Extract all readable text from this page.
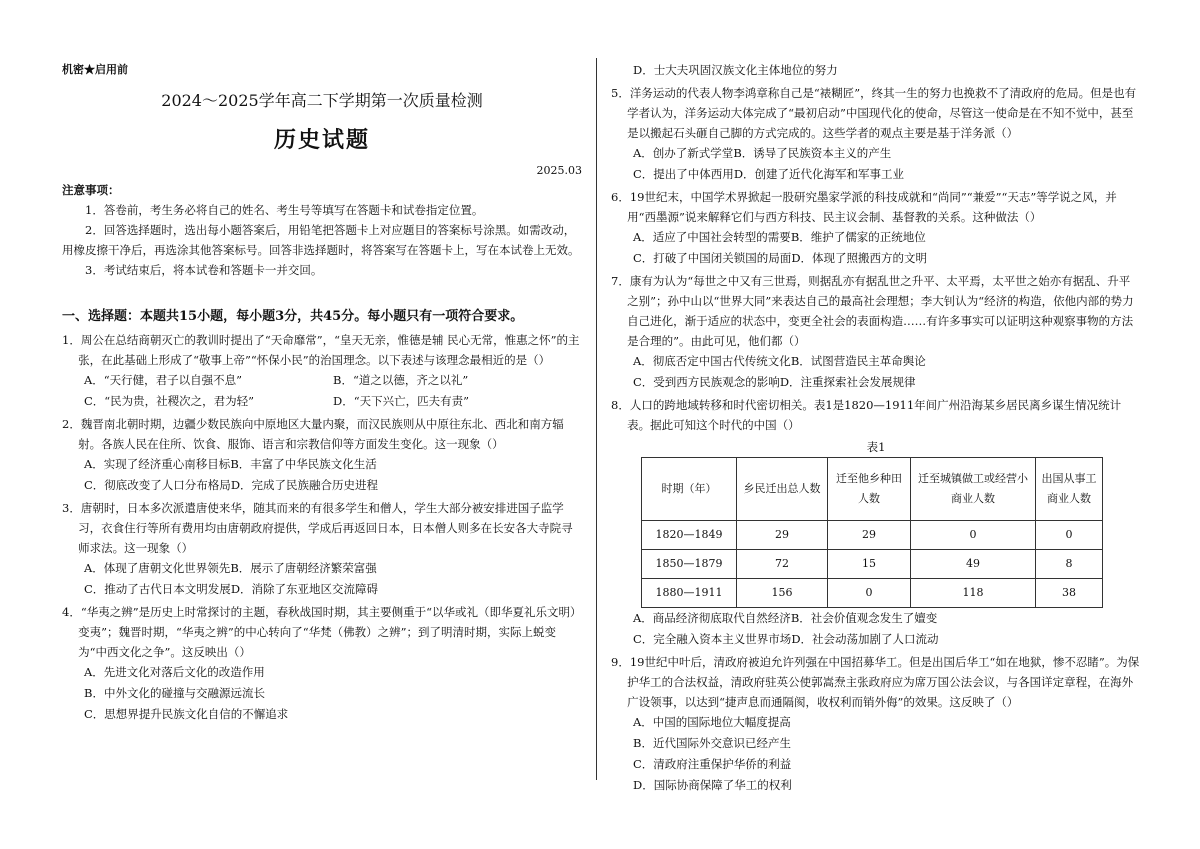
机密★启用前
2024～2025学年高二下学期第一次质量检测
历史试题
2025.03
注意事项：
1．答卷前，考生务必将自己的姓名、考生号等填写在答题卡和试卷指定位置。
2．回答选择题时，选出每小题答案后，用铅笔把答题卡上对应题目的答案标号涂黑。如需改动，用橡皮擦干净后，再选涂其他答案标号。回答非选择题时，将答案写在答题卡上，写在本试卷上无效。
3．考试结束后，将本试卷和答题卡一并交回。
一、选择题：本题共15小题，每小题3分，共45分。每小题只有一项符合要求。
1．周公在总结商朝灭亡的教训时提出了“天命靡常”，“皇天无亲，惟德是辅 民心无常，惟惠之怀”的主张，在此基础上形成了“敬事上帝”“怀保小民”的治国理念。以下表述与该理念最相近的是（）
A．“天行健，君子以自强不息”	B．“道之以德，齐之以礼”
C．“民为贵，社稷次之，君为轻”	D．“天下兴亡，匹夫有责”
2．魏晋南北朝时期，边疆少数民族向中原地区大量内聚，而汉民族则从中原往东北、西北和南方辐射。各族人民在住所、饮食、服饰、语言和宗教信仰等方面发生变化。这一现象（）
A．实现了经济重心南移目标B．丰富了中华民族文化生活
C．彻底改变了人口分布格局D．完成了民族融合历史进程
3．唐朝时，日本多次派遣唐使来华，随其而来的有很多学生和僧人，学生大部分被安排进国子监学习，衣食住行等所有费用均由唐朝政府提供，学成后再返回日本，日本僧人则多在长安各大寺院寻师求法。这一现象（）
A．体现了唐朝文化世界领先B．展示了唐朝经济繁荣富强
C．推动了古代日本文明发展D．消除了东亚地区交流障碍
4．“华夷之辨”是历史上时常探讨的主题，春秋战国时期，其主要侧重于“以华或礼（即华夏礼乐文明）变夷”；魏晋时期，“华夷之辨”的中心转向了“华梵（佛教）之辨”；到了明清时期，实际上蜕变为“中西文化之争”。这反映出（）
A．先进文化对落后文化的改造作用
B．中外文化的碰撞与交融源远流长
C．思想界提升民族文化自信的不懈追求
D．士大夫巩固汉族文化主体地位的努力
5．洋务运动的代表人物李鸿章称自己是“裱糊匠”，终其一生的努力也挽救不了清政府的危局。但是也有学者认为，洋务运动大体完成了“最初启动”中国现代化的使命，尽管这一使命是在不知不觉中，甚至是以搬起石头砸自己脚的方式完成的。这些学者的观点主要是基于洋务派（）
A．创办了新式学堂B．诱导了民族资本主义的产生
C．提出了中体西用D．创建了近代化海军和军事工业
6．19世纪末，中国学术界掀起一股研究墨家学派的科技成就和“尚同”“兼爱”“天志”等学说之风，并用“西墨源”说来解释它们与西方科技、民主议会制、基督教的关系。这种做法（）
A．适应了中国社会转型的需要B．维护了儒家的正统地位
C．打破了中国闭关锁国的局面D．体现了照搬西方的文明
7．康有为认为“每世之中又有三世焉，则据乱亦有据乱世之升平、太平焉，太平世之始亦有据乱、升平之别”；孙中山以“世界大同”来表达自己的最高社会理想；李大钊认为“经济的构造，依他内部的势力自己进化，渐于适应的状态中，变更全社会的表面构造……有许多事实可以证明这种观察事物的方法是合理的”。由此可见，他们都（）
A．彻底否定中国古代传统文化B．试图营造民主革命舆论
C．受到西方民族观念的影响D．注重探索社会发展规律
8．人口的跨地域转移和时代密切相关。表1是1820—1911年间广州沿海某乡居民离乡谋生情况统计表。据此可知这个时代的中国（）
表1
时期（年）	乡民迁出总人数	迁至他乡种田人数	迁至城镇做工或经营小商业人数	出国从事工商业人数
1820—1849	29	29	0	0
1850—1879	72	15	49	8
1880—1911	156	0	118	38
A．商品经济彻底取代自然经济B．社会价值观念发生了嬗变
C．完全融入资本主义世界市场D．社会动荡加剧了人口流动
9．19世纪中叶后，清政府被迫允许列强在中国招募华工。但是出国后华工“如在地狱，惨不忍睹”。为保护华工的合法权益，清政府驻英公使郭嵩焘主张政府应为席万国公法会议，与各国详定章程，在海外广设领事，以达到“捷声息而通隔阂，收权利而销外侮”的效果。这反映了（）
A．中国的国际地位大幅度提高
B．近代国际外交意识已经产生
C．清政府注重保护华侨的利益
D．国际协商保障了华工的权利
